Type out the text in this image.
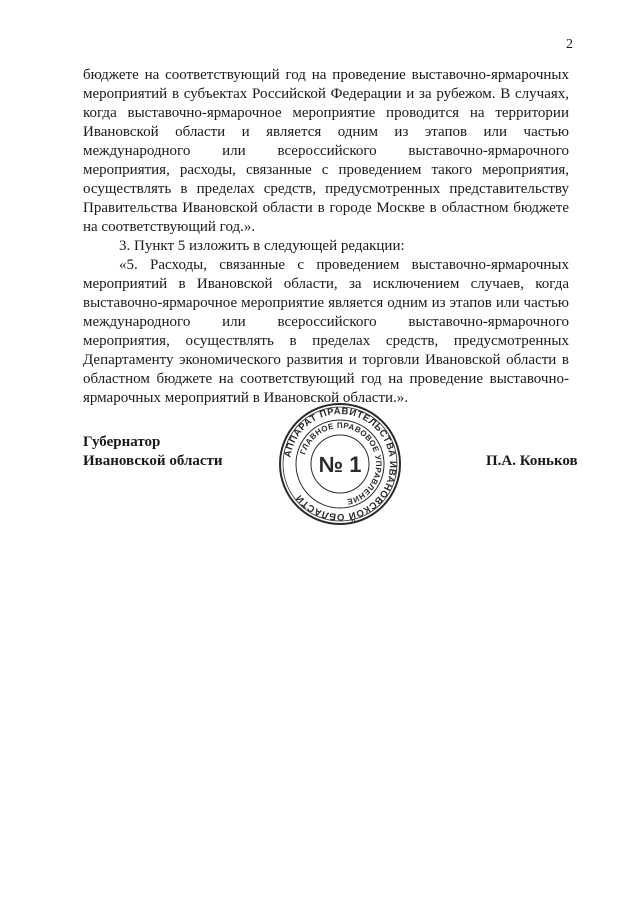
2

бюджете на соответствующий год на проведение выставочно-ярмарочных мероприятий в субъектах Российской Федерации и за рубежом. В случаях, когда выставочно-ярмарочное мероприятие проводится на территории Ивановской области и является одним из этапов или частью международного или всероссийского выставочно-ярмарочного мероприятия, расходы, связанные с проведением такого мероприятия, осуществлять в пределах средств, предусмотренных представительству Правительства Ивановской области в городе Москве в областном бюджете на соответствующий год.».

3. Пункт 5 изложить в следующей редакции:

«5. Расходы, связанные с проведением выставочно-ярмарочных мероприятий в Ивановской области, за исключением случаев, когда выставочно-ярмарочное мероприятие является одним из этапов или частью международного или всероссийского выставочно-ярмарочного мероприятия, осуществлять в пределах средств, предусмотренных Департаменту экономического развития и торговли Ивановской области в областном бюджете на соответствующий год на проведение выставочно-ярмарочных мероприятий в Ивановской области.».

Губернатор
Ивановской области	АППАРАТ ПРАВИТЕЛЬСТВА ИВАНОВСКОЙ ОБЛАСТИ
ГЛАВНОЕ ПРАВОВОЕ УПРАВЛЕНИЕ
№ 1	П.А. Коньков
